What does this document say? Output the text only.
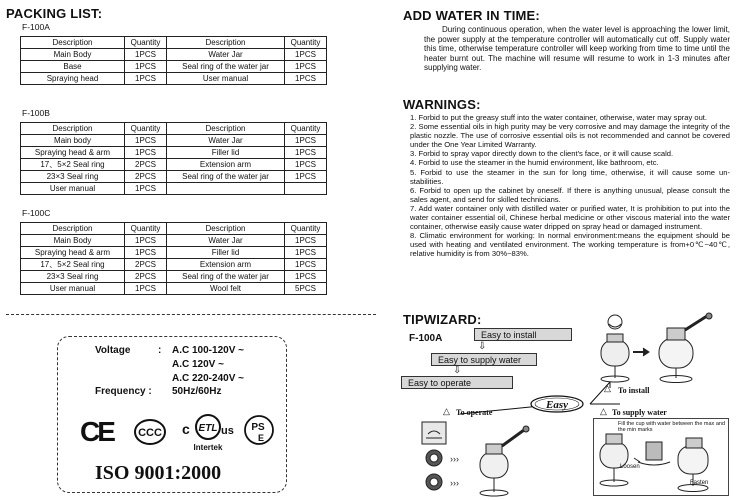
PACKING LIST:
F-100A
Description	Quantity	Description	Quantity
Main Body	1PCS	Water Jar	1PCS
Base	1PCS	Seal ring of the water jar	1PCS
Spraying head	1PCS	User manual	1PCS
F-100B
Description	Quantity	Description	Quantity
Main body	1PCS	Water Jar	1PCS
Spraying head & arm	1PCS	Filler lid	1PCS
17、5×2 Seal ring	2PCS	Extension arm	1PCS
23×3 Seal ring	2PCS	Seal ring of the water jar	1PCS
User manual	1PCS		
F-100C
Description	Quantity	Description	Quantity
Main Body	1PCS	Water Jar	1PCS
Spraying head & arm	1PCS	Filler lid	1PCS
17、5×2 Seal ring	2PCS	Extension arm	1PCS
23×3 Seal ring	2PCS	Seal ring of the water jar	1PCS
User manual	1PCS	Wool felt	5PCS
Voltage	: A.C 100-120V ~
A.C 120V ~
A.C 220-240V ~
Frequency : 50Hz/60Hz
CE CCC c ETL us
Intertek
PS
E
ISO 9001:2000
ADD WATER IN TIME:
During continuous operation, when the water level is approaching the lower limit, the power supply at the temperature controller will automatically cut off. Supply water this time, otherwise temperature controller will keep working from time to time until the heater burnt out. The machine will resume will resume to work in 1-3 minutes after supplying water.
WARNINGS:
1. Forbid to put the greasy stuff into the water container, otherwise, water may spray out.
2. Some essential oils in high purity may be very corrosive and may damage the integrity of the plastic nozzle. The use of corrosive essential oils is not recommended and cannot be covered under the One Year Limited Warranty.
3. Forbid to spray vapor directly down to the client's face, or it will cause scald.
4. Forbid to use the steamer in the humid environment, like bathroom, etc.
5. Forbid to use the steamer in the sun for long time, otherwise, it will cause some un-stabilities.
6. Forbid to open up the cabinet by oneself. If there is anything unusual, please consult the sales agent, and send for skilled technicians.
7. Add water container only with distilled water or purified water, It is prohibition to put into the water container essential oil, Chinese herbal medicine or other viscous material into the water container, otherwise easily cause water dripped on spray head or damaged instrument.
8. Climatic environment for working: In normal environment:means the equipment should be used with heating and ventilated environment. The working temperature is from+0℃~40℃, relative humidity is from 30%~83%.
TIPWIZARD:
F-100A	Easy to install
⇩
Easy to supply water
⇩
Easy to operate
Easy
To install
To operate	To supply water
△	△
△
›››
›››
Fill the cup with water between the max and the min marks
Loosen
Fasten
